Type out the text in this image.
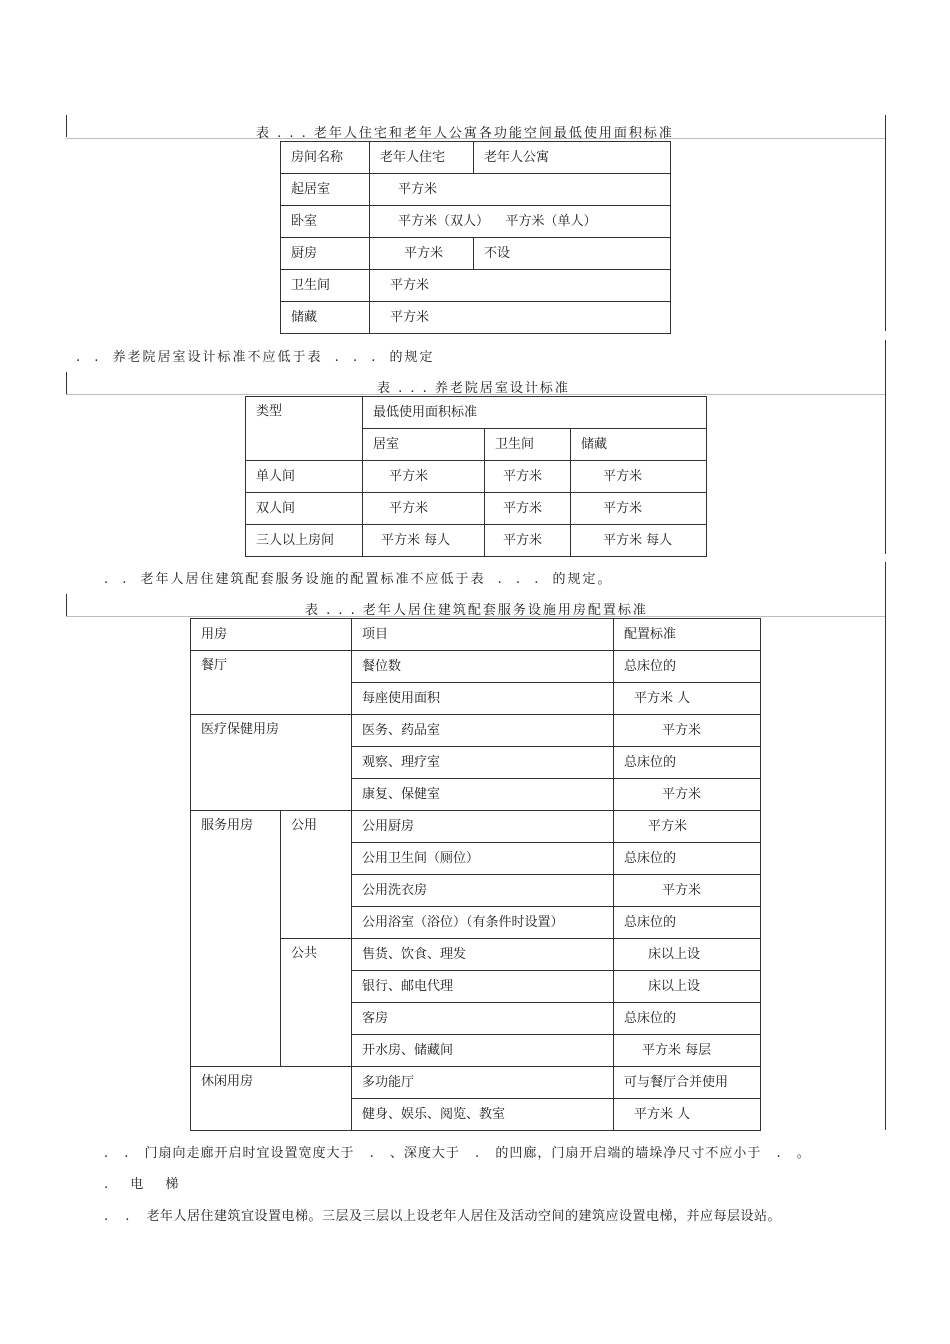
表 . . . 老年人住宅和老年人公寓各功能空间最低使用面积标准
房间名称	老年人住宅	老年人公寓
起居室	平方米	
卧室	平方米（双人）    平方米（单人）	
厨房	平方米	不设
卫生间	平方米	
储藏	平方米	
. . 养老院居室设计标准不应低于表 . . . 的规定
表 . . . 养老院居室设计标准
类型	最低使用面积标准		
	居室	卫生间	储藏
单人间	平方米	平方米	平方米
双人间	平方米	平方米	平方米
三人以上房间	平方米 每人	平方米	平方米 每人
. . 老年人居住建筑配套服务设施的配置标准不应低于表 . . . 的规定。
表 . . . 老年人居住建筑配套服务设施用房配置标准
用房		项目	配置标准
餐厅		餐位数	总床位的
		每座使用面积	平方米 人
医疗保健用房		医务、药品室	平方米
		观察、理疗室	总床位的
		康复、保健室	平方米
服务用房	公用	公用厨房	平方米
		公用卫生间（厕位）	总床位的
		公用洗衣房	平方米
		公用浴室（浴位）（有条件时设置）	总床位的
	公共	售货、饮食、理发	床以上设
		银行、邮电代理	床以上设
		客房	总床位的
		开水房、储藏间	平方米 每层
休闲用房		多功能厅	可与餐厅合并使用
		健身、娱乐、阅览、教室	平方米 人
. . 门扇向走廊开启时宜设置宽度大于 . 、深度大于 . 的凹廊，门扇开启端的墙垛净尺寸不应小于 . 。
. 电 梯
. . 老年人居住建筑宜设置电梯。三层及三层以上设老年人居住及活动空间的建筑应设置电梯，并应每层设站。
